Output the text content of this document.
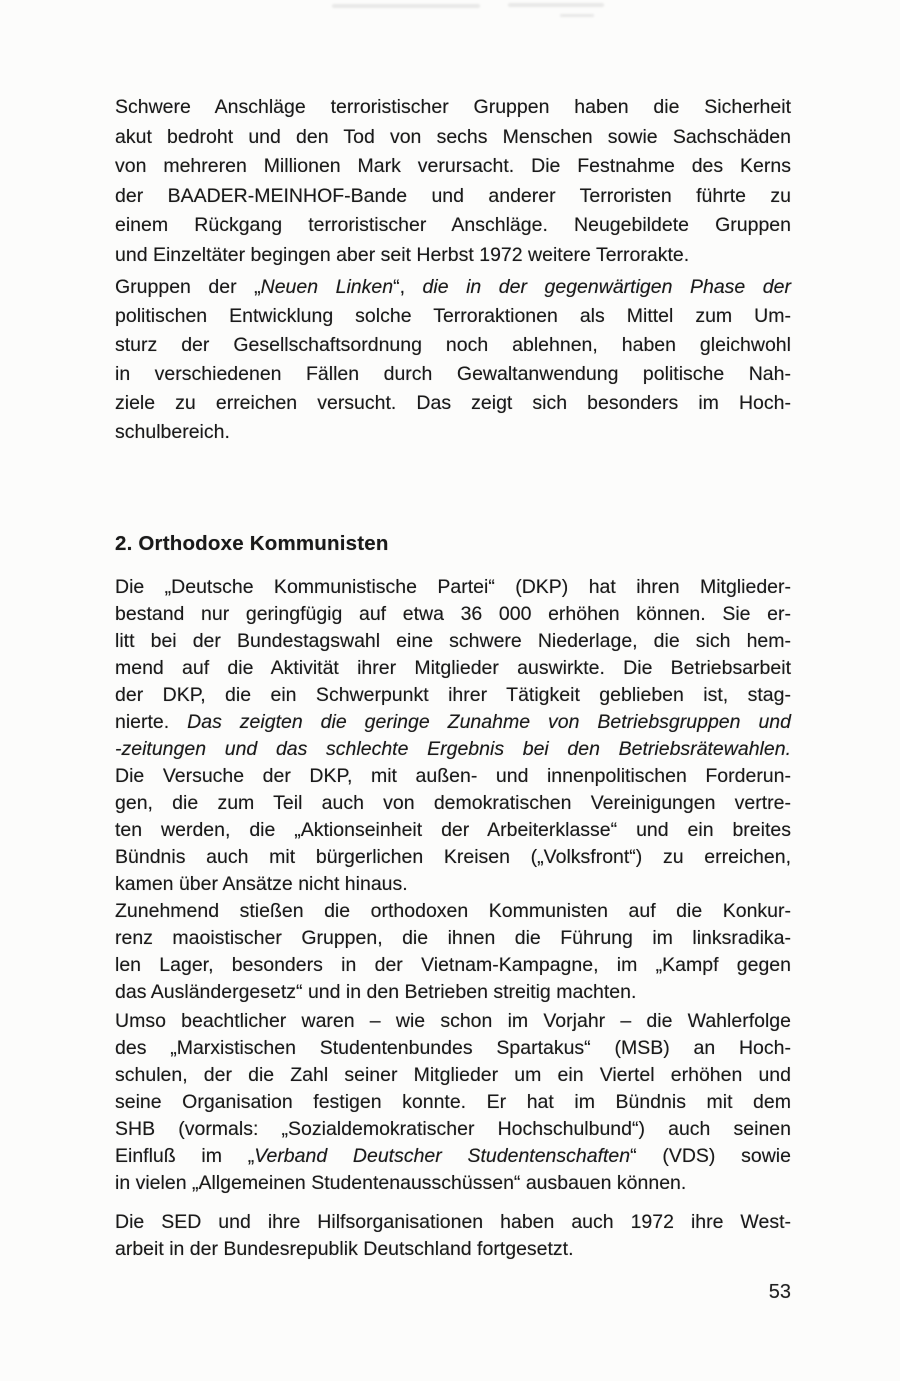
Schwere Anschläge terroristischer Gruppen haben die Sicherheit
akut bedroht und den Tod von sechs Menschen sowie Sachschäden
von mehreren Millionen Mark verursacht. Die Festnahme des Kerns
der BAADER-MEINHOF-Bande und anderer Terroristen führte zu
einem Rückgang terroristischer Anschläge. Neugebildete Gruppen
und Einzeltäter begingen aber seit Herbst 1972 weitere Terrorakte.
Gruppen der „Neuen Linken“, die in der gegenwärtigen Phase der
politischen Entwicklung solche Terroraktionen als Mittel zum Um-
sturz der Gesellschaftsordnung noch ablehnen, haben gleichwohl
in verschiedenen Fällen durch Gewaltanwendung politische Nah-
ziele zu erreichen versucht. Das zeigt sich besonders im Hoch-
schulbereich.
2. Orthodoxe Kommunisten
Die „Deutsche Kommunistische Partei“ (DKP) hat ihren Mitglieder-
bestand nur geringfügig auf etwa 36 000 erhöhen können. Sie er-
litt bei der Bundestagswahl eine schwere Niederlage, die sich hem-
mend auf die Aktivität ihrer Mitglieder auswirkte. Die Betriebsarbeit
der DKP, die ein Schwerpunkt ihrer Tätigkeit geblieben ist, stag-
nierte. Das zeigten die geringe Zunahme von Betriebsgruppen und
-zeitungen und das schlechte Ergebnis bei den Betriebsrätewahlen.
Die Versuche der DKP, mit außen- und innenpolitischen Forderun-
gen, die zum Teil auch von demokratischen Vereinigungen vertre-
ten werden, die „Aktionseinheit der Arbeiterklasse“ und ein breites
Bündnis auch mit bürgerlichen Kreisen („Volksfront“) zu erreichen,
kamen über Ansätze nicht hinaus.
Zunehmend stießen die orthodoxen Kommunisten auf die Konkur-
renz maoistischer Gruppen, die ihnen die Führung im linksradika-
len Lager, besonders in der Vietnam-Kampagne, im „Kampf gegen
das Ausländergesetz“ und in den Betrieben streitig machten.
Umso beachtlicher waren – wie schon im Vorjahr – die Wahlerfolge
des „Marxistischen Studentenbundes Spartakus“ (MSB) an Hoch-
schulen, der die Zahl seiner Mitglieder um ein Viertel erhöhen und
seine Organisation festigen konnte. Er hat im Bündnis mit dem
SHB (vormals: „Sozialdemokratischer Hochschulbund“) auch seinen
Einfluß im „Verband Deutscher Studentenschaften“ (VDS) sowie
in vielen „Allgemeinen Studentenausschüssen“ ausbauen können.
Die SED und ihre Hilfsorganisationen haben auch 1972 ihre West-
arbeit in der Bundesrepublik Deutschland fortgesetzt.
53
